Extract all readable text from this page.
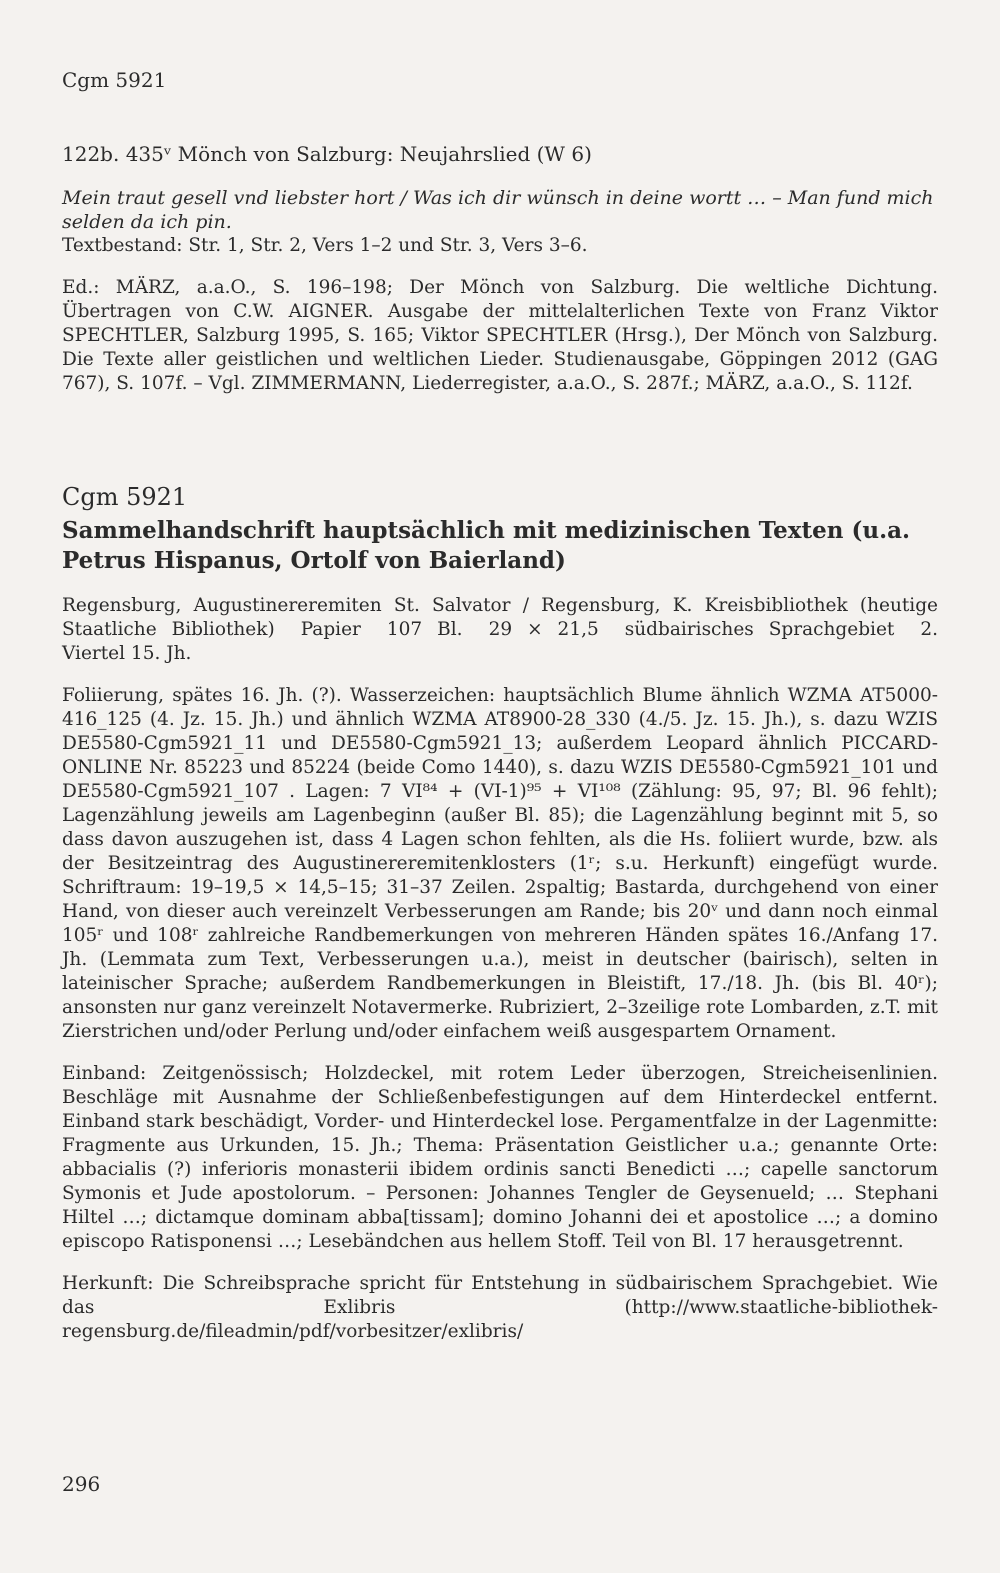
Cgm 5921

122b. 435ᵛ Mönch von Salzburg: Neujahrslied (W 6)

Mein traut gesell vnd liebster hort / Was ich dir wünsch in deine wortt … – Man fund mich selden da ich pin.

Textbestand: Str. 1, Str. 2, Vers 1–2 und Str. 3, Vers 3–6.

Ed.: MÄRZ, a.a.O., S. 196–198; Der Mönch von Salzburg. Die weltliche Dichtung. Übertragen von C.W. AIGNER. Ausgabe der mittelalterlichen Texte von Franz Viktor SPECHTLER, Salzburg 1995, S. 165; Viktor SPECHTLER (Hrsg.), Der Mönch von Salzburg. Die Texte aller geistlichen und weltlichen Lieder. Studienausgabe, Göppingen 2012 (GAG 767), S. 107f. – Vgl. ZIMMERMANN, Liederregister, a.a.O., S. 287f.; MÄRZ, a.a.O., S. 112f.

Cgm 5921

Sammelhandschrift hauptsächlich mit medizinischen Texten (u.a. Petrus Hispanus, Ortolf von Baierland)

Regensburg, Augustinereremiten St. Salvator / Regensburg, K. Kreisbibliothek (heutige Staatliche Bibliothek) Papier 107 Bl. 29 × 21,5 südbairisches Sprachgebiet 2. Viertel 15. Jh.

Foliierung, spätes 16. Jh. (?). Wasserzeichen: hauptsächlich Blume ähnlich WZMA AT5000-416_125 (4. Jz. 15. Jh.) und ähnlich WZMA AT8900-28_330 (4./5. Jz. 15. Jh.), s. dazu WZIS DE5580-Cgm5921_11 und DE5580-Cgm5921_13; außerdem Leopard ähnlich PICCARD-ONLINE Nr. 85223 und 85224 (beide Como 1440), s. dazu WZIS DE5580-Cgm5921_101 und DE5580-Cgm5921_107 . Lagen: 7 VI⁸⁴ + (VI-1)⁹⁵ + VI¹⁰⁸ (Zählung: 95, 97; Bl. 96 fehlt); Lagenzählung jeweils am Lagenbeginn (außer Bl. 85); die Lagenzählung beginnt mit 5, so dass davon auszugehen ist, dass 4 Lagen schon fehlten, als die Hs. foliiert wurde, bzw. als der Besitzeintrag des Augustinereremitenklosters (1ʳ; s.u. Herkunft) eingefügt wurde. Schriftraum: 19–19,5 × 14,5–15; 31–37 Zeilen. 2spaltig; Bastarda, durchgehend von einer Hand, von dieser auch vereinzelt Verbesserungen am Rande; bis 20ᵛ und dann noch einmal 105ʳ und 108ʳ zahlreiche Randbemerkungen von mehreren Händen spätes 16./Anfang 17. Jh. (Lemmata zum Text, Verbesserungen u.a.), meist in deutscher (bairisch), selten in lateinischer Sprache; außerdem Randbemerkungen in Bleistift, 17./18. Jh. (bis Bl. 40ʳ); ansonsten nur ganz vereinzelt Notavermerke. Rubriziert, 2–3zeilige rote Lombarden, z.T. mit Zierstrichen und/oder Perlung und/oder einfachem weiß ausgespartem Ornament.

Einband: Zeitgenössisch; Holzdeckel, mit rotem Leder überzogen, Streicheisenlinien. Beschläge mit Ausnahme der Schließenbefestigungen auf dem Hinterdeckel entfernt. Einband stark beschädigt, Vorder- und Hinterdeckel lose. Pergamentfalze in der Lagenmitte: Fragmente aus Urkunden, 15. Jh.; Thema: Präsentation Geistlicher u.a.; genannte Orte: abbacialis (?) inferioris monasterii ibidem ordinis sancti Benedicti …; capelle sanctorum Symonis et Jude apostolorum. – Personen: Johannes Tengler de Geysenueld; … Stephani Hiltel …; dictamque dominam abba[tissam]; domino Johanni dei et apostolice …; a domino episcopo Ratisponensi …; Lesebändchen aus hellem Stoff. Teil von Bl. 17 herausgetrennt.

Herkunft: Die Schreibsprache spricht für Entstehung in südbairischem Sprachgebiet. Wie das Exlibris (http://www.staatliche-bibliothek-regensburg.de/fileadmin/pdf/vorbesitzer/exlibris/

296
